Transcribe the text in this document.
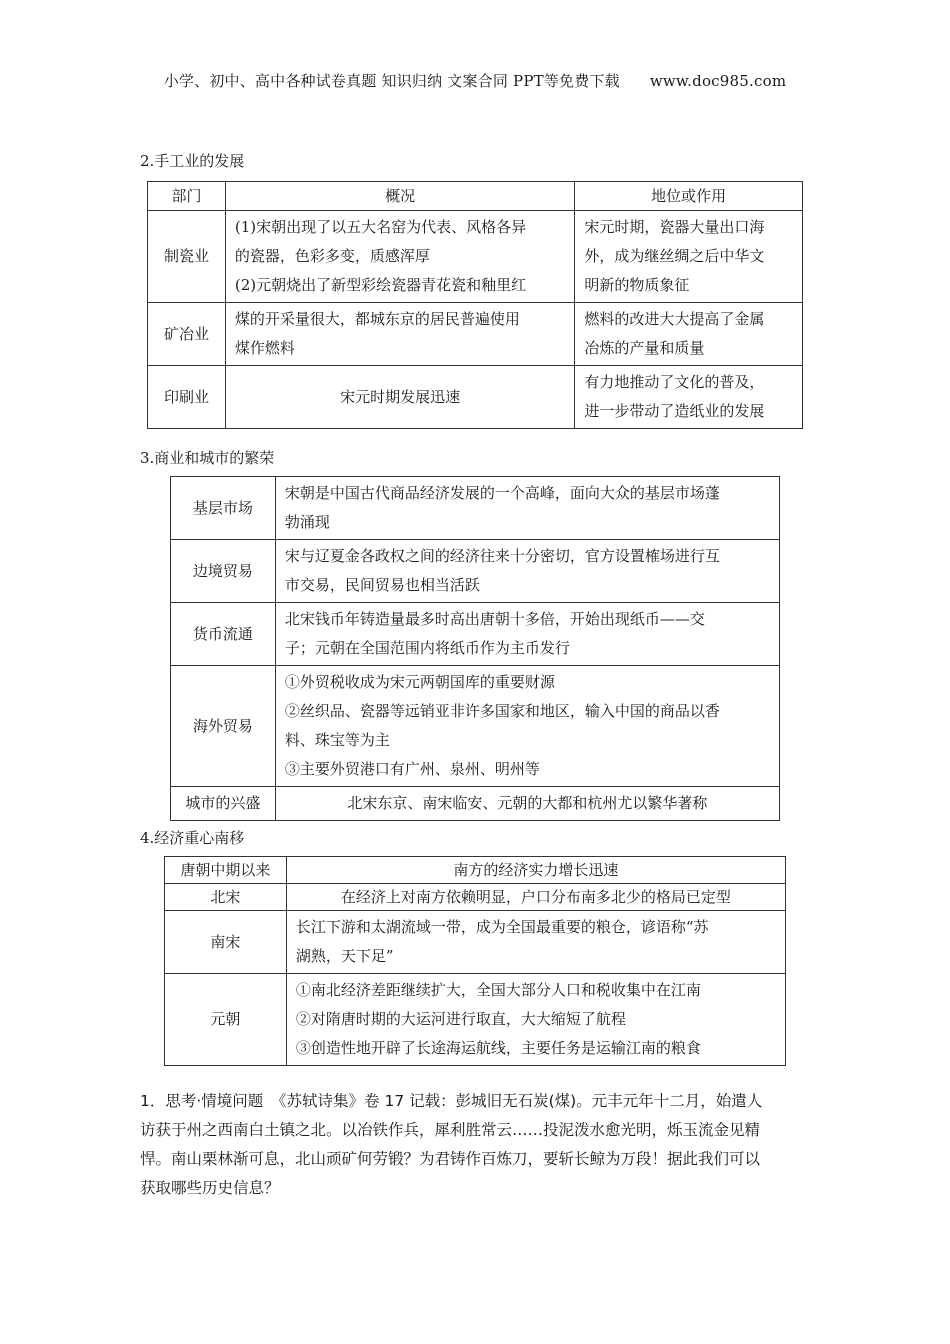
小学、初中、高中各种试卷真题 知识归纳 文案合同 PPT等免费下载 www.doc985.com
2.手工业的发展
部门	概况	地位或作用
制瓷业	(1)宋朝出现了以五大名窑为代表、风格各异
的瓷器，色彩多变，质感浑厚
(2)元朝烧出了新型彩绘瓷器青花瓷和釉里红	宋元时期，瓷器大量出口海
外，成为继丝绸之后中华文
明新的物质象征

矿冶业	煤的开采量很大，都城东京的居民普遍使用
煤作燃料	燃料的改进大大提高了金属
冶炼的产量和质量

印刷业	宋元时期发展迅速	有力地推动了文化的普及，
进一步带动了造纸业的发展
3.商业和城市的繁荣
基层市场	宋朝是中国古代商品经济发展的一个高峰，面向大众的基层市场蓬
勃涌现

边境贸易	宋与辽夏金各政权之间的经济往来十分密切，官方设置榷场进行互
市交易，民间贸易也相当活跃

货币流通	北宋钱币年铸造量最多时高出唐朝十多倍，开始出现纸币——交
子；元朝在全国范围内将纸币作为主币发行

海外贸易	①外贸税收成为宋元两朝国库的重要财源
②丝织品、瓷器等远销亚非许多国家和地区，输入中国的商品以香
料、珠宝等为主
③主要外贸港口有广州、泉州、明州等

城市的兴盛	北宋东京、南宋临安、元朝的大都和杭州尤以繁华著称
4.经济重心南移
唐朝中期以来	南方的经济实力增长迅速
北宋	在经济上对南方依赖明显，户口分布南多北少的格局已定型

南宋	长江下游和太湖流域一带，成为全国最重要的粮仓，谚语称“苏
湖熟，天下足”

元朝	①南北经济差距继续扩大，全国大部分人口和税收集中在江南
②对隋唐时期的大运河进行取直，大大缩短了航程
③创造性地开辟了长途海运航线，主要任务是运输江南的粮食
1．思考·情境问题　《苏轼诗集》卷 17 记载：彭城旧无石炭(煤)。元丰元年十二月，始遣人
访获于州之西南白土镇之北。以冶铁作兵，犀利胜常云……投泥泼水愈光明，烁玉流金见精
悍。南山栗林渐可息，北山顽矿何劳锻？为君铸作百炼刀，要斩长鲸为万段！据此我们可以
获取哪些历史信息？
